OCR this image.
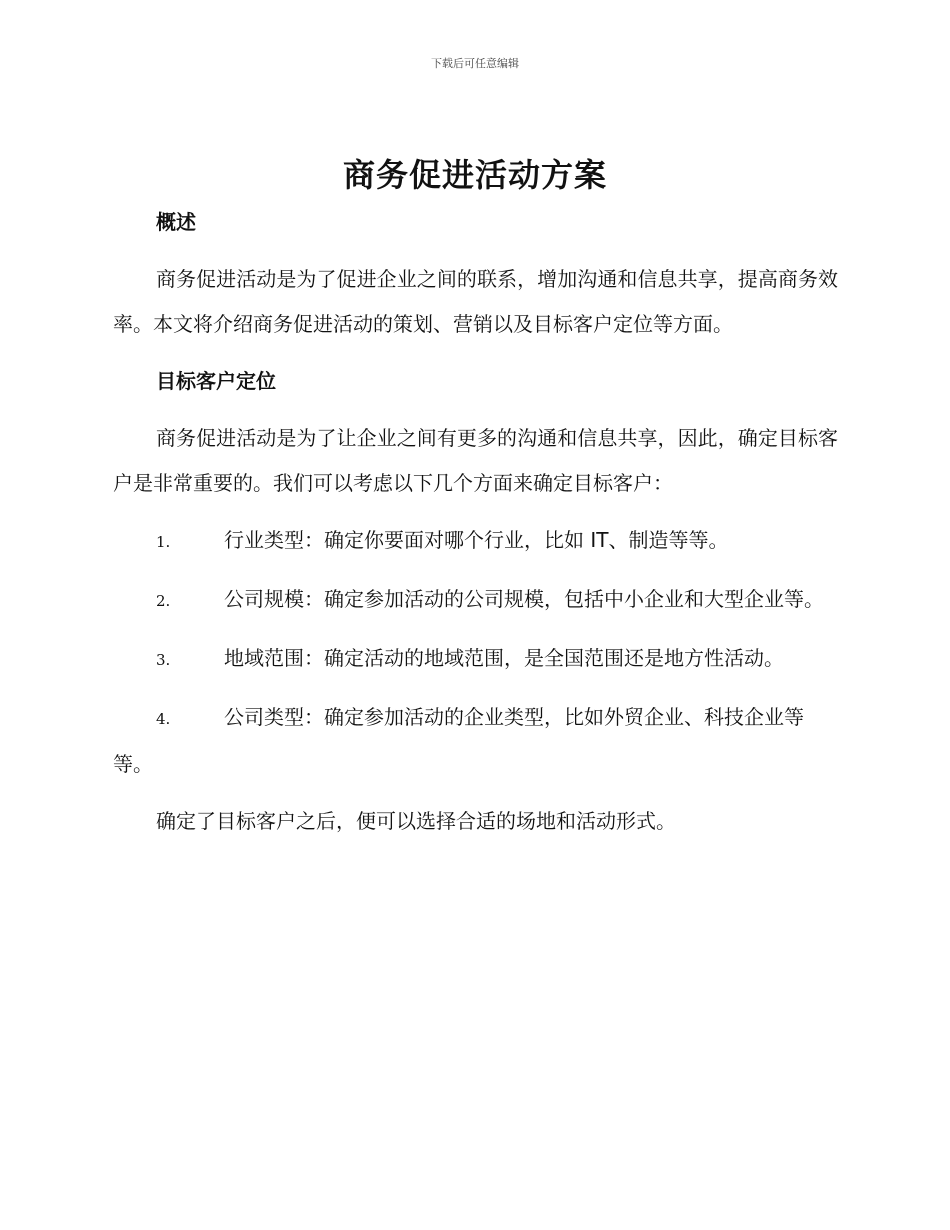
下载后可任意编辑
商务促进活动方案

概述

商务促进活动是为了促进企业之间的联系，增加沟通和信息共享，提高商务效率。本文将介绍商务促进活动的策划、营销以及目标客户定位等方面。

目标客户定位

商务促进活动是为了让企业之间有更多的沟通和信息共享，因此，确定目标客户是非常重要的。我们可以考虑以下几个方面来确定目标客户：

1.	行业类型：确定你要面对哪个行业，比如 IT、制造等等。

2.	公司规模：确定参加活动的公司规模，包括中小企业和大型企业等。

3.	地域范围：确定活动的地域范围，是全国范围还是地方性活动。

4.	公司类型：确定参加活动的企业类型，比如外贸企业、科技企业等等。

确定了目标客户之后，便可以选择合适的场地和活动形式。
